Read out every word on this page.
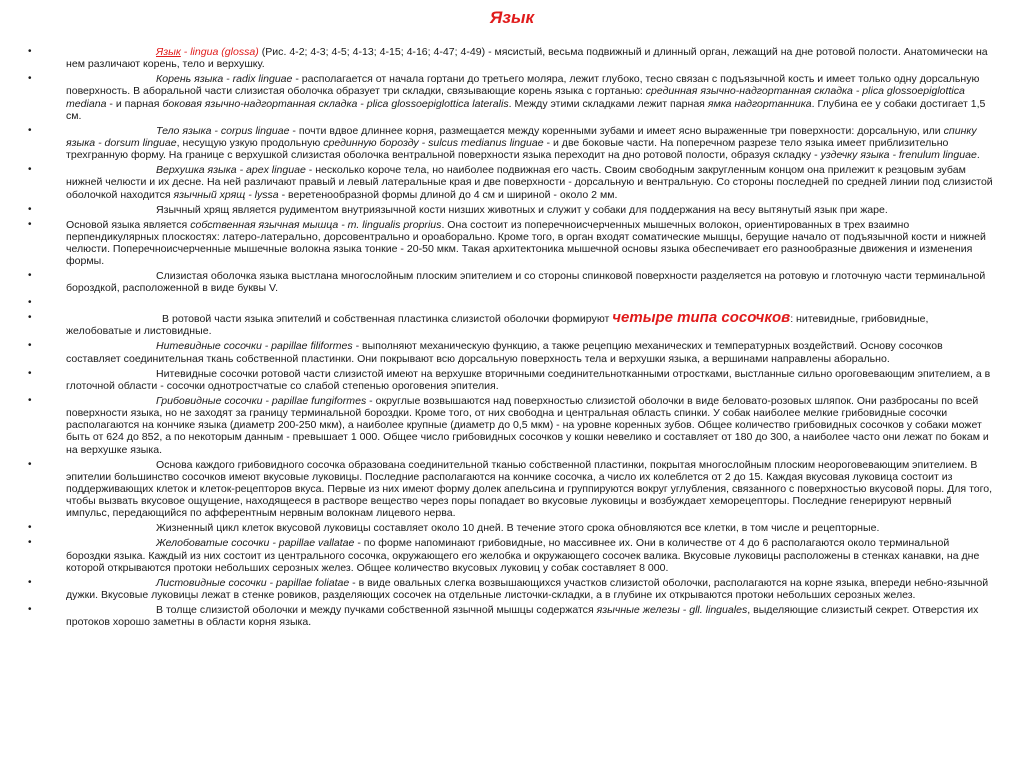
Язык
• Язык - lingua (glossa) (Рис. 4-2; 4-3; 4-5; 4-13; 4-15; 4-16; 4-47; 4-49) - мясистый, весьма подвижный и длинный орган, лежащий на дне ротовой полости. Анатомически на нем различают корень, тело и верхушку.
• Корень языка - radix linguae - располагается от начала гортани до третьего моляра, лежит глубоко, тесно связан с подъязычной кость и имеет только одну дорсальную поверхность. В аборальной части слизистая оболочка образует три складки, связывающие корень языка с гортанью: срединная язычно-надгортанная складка - plica glossoepiglottica mediana - и парная боковая язычно-надгортанная складка - plica glossoepiglottica lateralis. Между этими складками лежит парная ямка надгортанника. Глубина ее у собаки достигает 1,5 см.
• Тело языка - corpus linguae - почти вдвое длиннее корня, размещается между коренными зубами и имеет ясно выраженные три поверхности: дорсальную, или спинку языка - dorsum linguae, несущую узкую продольную срединную борозду - sulcus medianus linguae - и две боковые части. На поперечном разрезе тело языка имеет приблизительно трехгранную форму. На границе с верхушкой слизистая оболочка вентральной поверхности языка переходит на дно ротовой полости, образуя складку - уздечку языка - frenulum linguae.
• Верхушка языка - apex linguae - несколько короче тела, но наиболее подвижная его часть. Своим свободным закругленным концом она прилежит к резцовым зубам нижней челюсти и их десне. На ней различают правый и левый латеральные края и две поверхности - дорсальную и вентральную. Со стороны последней по средней линии под слизистой оболочкой находится язычный хрящ - lyssa - веретенообразной формы длиной до 4 см и шириной - около 2 мм.
• Язычный хрящ является рудиментом внутриязычной кости низших животных и служит у собаки для поддержания на весу вытянутый язык при жаре.
• Основой языка является собственная язычная мышца - m. lingualis proprius. Она состоит из поперечноисчерченных мышечных волокон, ориентированных в трех взаимно перпендикулярных плоскостях: латеро-латерально, дорсовентрально и ороаборально. Кроме того, в орган входят соматические мышцы, берущие начало от подъязычной кости и нижней челюсти. Поперечноисчерченные мышечные волокна языка тонкие - 20-50 мкм. Такая архитектоника мышечной основы языка обеспечивает его разнообразные движения и изменения формы.
• Слизистая оболочка языка выстлана многослойным плоским эпителием и со стороны спинковой поверхности разделяется на ротовую и глоточную части терминальной бороздкой, расположенной в виде буквы V.
•
• В ротовой части языка эпителий и собственная пластинка слизистой оболочки формируют четыре типа сосочков: нитевидные, грибовидные, желобоватые и листовидные.
• Нитевидные сосочки - papillae filiformes - выполняют механическую функцию, а также рецепцию механических и температурных воздействий. Основу сосочков составляет соединительная ткань собственной пластинки. Они покрывают всю дорсальную поверхность тела и верхушки языка, а вершинами направлены аборально.
• Нитевидные сосочки ротовой части слизистой имеют на верхушке вторичными соединительнотканными отростками, выстланные сильно ороговевающим эпителием, а в глоточной области - сосочки однотростчатые со слабой степенью ороговения эпителия.
• Грибовидные сосочки - papillae fungiformes - округлые возвышаются над поверхностью слизистой оболочки в виде беловато-розовых шляпок. Они разбросаны по всей поверхности языка, но не заходят за границу терминальной бороздки. Кроме того, от них свободна и центральная область спинки. У собак наиболее мелкие грибовидные сосочки располагаются на кончике языка (диаметр 200-250 мкм), а наиболее крупные (диаметр до 0,5 мкм) - на уровне коренных зубов. Общее количество грибовидных сосочков у собаки может быть от 624 до 852, а по некоторым данным - превышает 1 000. Общее число грибовидных сосочков у кошки невелико и составляет от 180 до 300, а наиболее часто они лежат по бокам и на верхушке языка.
• Основа каждого грибовидного сосочка образована соединительной тканью собственной пластинки, покрытая многослойным плоским неороговевающим эпителием. В эпителии большинство сосочков имеют вкусовые луковицы. Последние располагаются на кончике сосочка, а число их колеблется от 2 до 15. Каждая вкусовая луковица состоит из поддерживающих клеток и клеток-рецепторов вкуса. Первые из них имеют форму долек апельсина и группируются вокруг углубления, связанного с поверхностью вкусовой поры. Для того, чтобы вызвать вкусовое ощущение, находящееся в растворе вещество через поры попадает во вкусовые луковицы и возбуждает хеморецепторы. Последние генерируют нервный импульс, передающийся по афферентным нервным волокнам лицевого нерва.
• Жизненный цикл клеток вкусовой луковицы составляет около 10 дней. В течение этого срока обновляются все клетки, в том числе и рецепторные.
• Желобоватые сосочки - papillae vallatae - по форме напоминают грибовидные, но массивнее их. Они в количестве от 4 до 6 располагаются около терминальной бороздки языка. Каждый из них состоит из центрального сосочка, окружающего его желобка и окружающего сосочек валика. Вкусовые луковицы расположены в стенках канавки, на дне которой открываются протоки небольших серозных желез. Общее количество вкусовых луковиц у собак составляет 8 000.
• Листовидные сосочки - papillae foliatae - в виде овальных слегка возвышающихся участков слизистой оболочки, располагаются на корне языка, впереди небно-язычной дужки. Вкусовые луковицы лежат в стенке ровиков, разделяющих сосочек на отдельные листочки-складки, а в глубине их открываются протоки небольших серозных желез.
• В толще слизистой оболочки и между пучками собственной язычной мышцы содержатся язычные железы - gll. linguales, выделяющие слизистый секрет. Отверстия их протоков хорошо заметны в области корня языка.
